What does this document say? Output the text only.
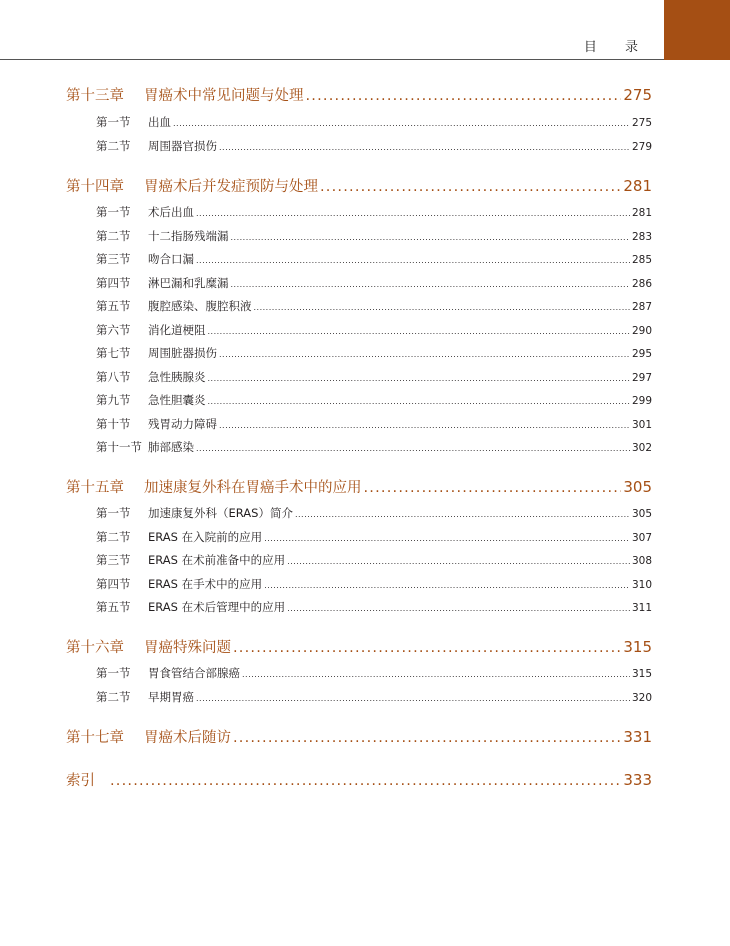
目 录
第十三章	胃癌术中常见问题与处理 .....	275
第一节	出血 .....	275
第二节	周围器官损伤 .....	279
第十四章	胃癌术后并发症预防与处理 .....	281
第一节	术后出血 .....	281
第二节	十二指肠残端漏 .....	283
第三节	吻合口漏 .....	285
第四节	淋巴漏和乳糜漏 .....	286
第五节	腹腔感染、腹腔积液 .....	287
第六节	消化道梗阻 .....	290
第七节	周围脏器损伤 .....	295
第八节	急性胰腺炎 .....	297
第九节	急性胆囊炎 .....	299
第十节	残胃动力障碍 .....	301
第十一节 肺部感染 .....	302
第十五章	加速康复外科在胃癌手术中的应用 .....	305
第一节	加速康复外科（ERAS）简介 .....	305
第二节	ERAS 在入院前的应用 .....	307
第三节	ERAS 在术前准备中的应用 .....	308
第四节	ERAS 在手术中的应用 .....	310
第五节	ERAS 在术后管理中的应用 .....	311
第十六章	胃癌特殊问题 .....	315
第一节	胃食管结合部腺癌 .....	315
第二节	早期胃癌 .....	320
第十七章	胃癌术后随访 .....	331
索引 .....	333
